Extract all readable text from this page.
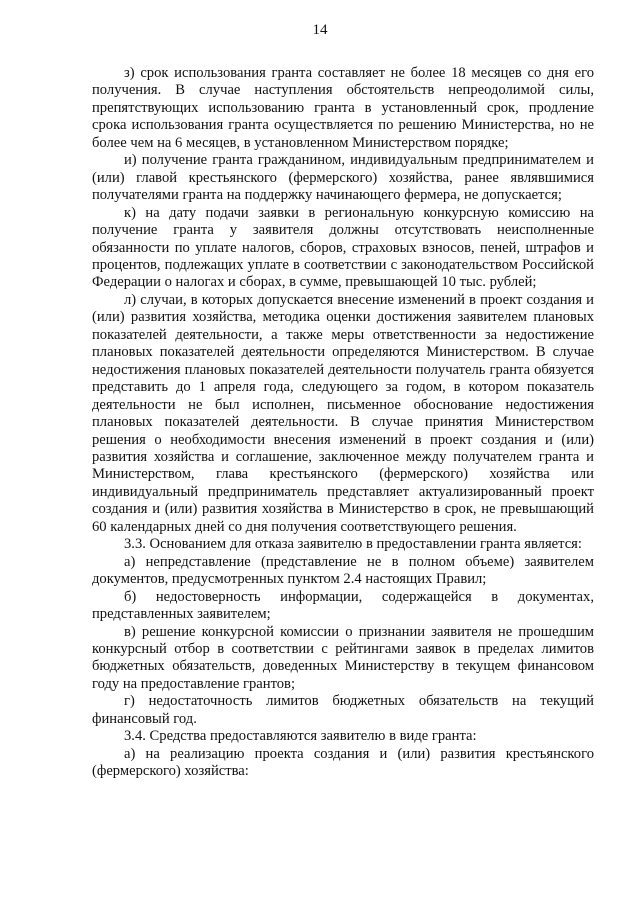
14

з) срок использования гранта составляет не более 18 месяцев со дня его получения. В случае наступления обстоятельств непреодолимой силы, препятствующих использованию гранта в установленный срок, продление срока использования гранта осуществляется по решению Министерства, но не более чем на 6 месяцев, в установленном Министерством порядке;

и) получение гранта гражданином, индивидуальным предпринимателем и (или) главой крестьянского (фермерского) хозяйства, ранее являвшимися получателями гранта на поддержку начинающего фермера, не допускается;

к) на дату подачи заявки в региональную конкурсную комиссию на получение гранта у заявителя должны отсутствовать неисполненные обязанности по уплате налогов, сборов, страховых взносов, пеней, штрафов и процентов, подлежащих уплате в соответствии с законодательством Российской Федерации о налогах и сборах, в сумме, превышающей 10 тыс. рублей;

л) случаи, в которых допускается внесение изменений в проект создания и (или) развития хозяйства, методика оценки достижения заявителем плановых показателей деятельности, а также меры ответственности за недостижение плановых показателей деятельности определяются Министерством. В случае недостижения плановых показателей деятельности получатель гранта обязуется представить до 1 апреля года, следующего за годом, в котором показатель деятельности не был исполнен, письменное обоснование недостижения плановых показателей деятельности. В случае принятия Министерством решения о необходимости внесения изменений в проект создания и (или) развития хозяйства и соглашение, заключенное между получателем гранта и Министерством, глава крестьянского (фермерского) хозяйства или индивидуальный предприниматель представляет актуализированный проект создания и (или) развития хозяйства в Министерство в срок, не превышающий 60 календарных дней со дня получения соответствующего решения.

3.3. Основанием для отказа заявителю в предоставлении гранта является:

а) непредставление (представление не в полном объеме) заявителем документов, предусмотренных пунктом 2.4 настоящих Правил;

б) недостоверность информации, содержащейся в документах, представленных заявителем;

в) решение конкурсной комиссии о признании заявителя не прошедшим конкурсный отбор в соответствии с рейтингами заявок в пределах лимитов бюджетных обязательств, доведенных Министерству в текущем финансовом году на предоставление грантов;

г) недостаточность лимитов бюджетных обязательств на текущий финансовый год.

3.4. Средства предоставляются заявителю в виде гранта:

а) на реализацию проекта создания и (или) развития крестьянского (фермерского) хозяйства:
